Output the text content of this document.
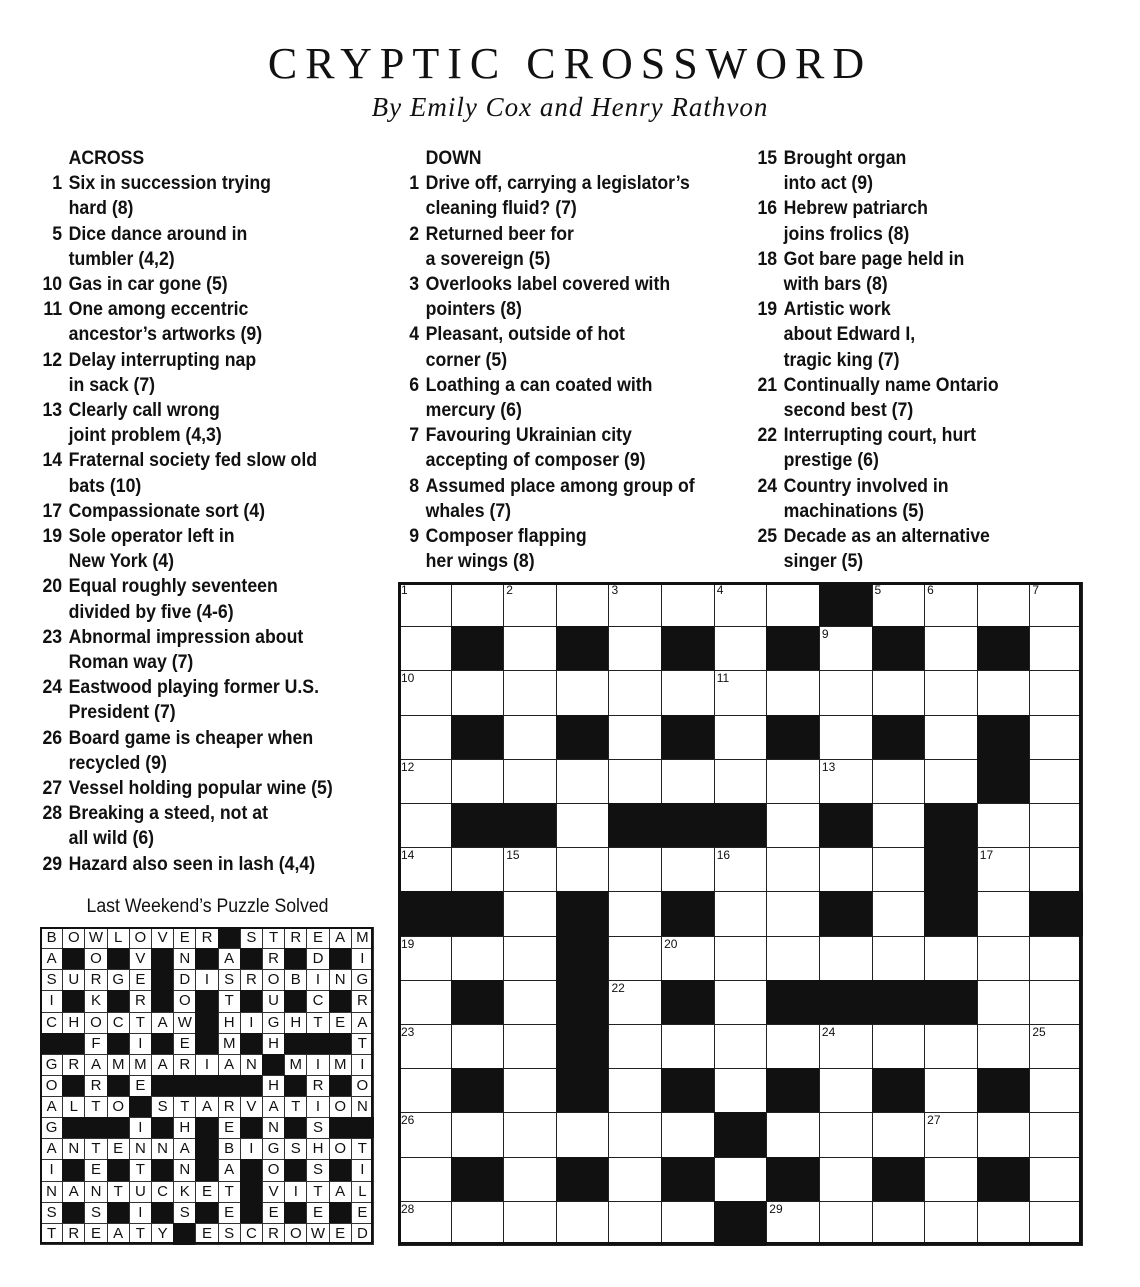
CRYPTIC CROSSWORD
By Emily Cox and Henry Rathvon
ACROSS
1 Six in succession trying
hard (8)
5 Dice dance around in
tumbler (4,2)
10 Gas in car gone (5)
11 One among eccentric
ancestor’s artworks (9)
12 Delay interrupting nap
in sack (7)
13 Clearly call wrong
joint problem (4,3)
14 Fraternal society fed slow old
bats (10)
17 Compassionate sort (4)
19 Sole operator left in
New York (4)
20 Equal roughly seventeen
divided by five (4-6)
23 Abnormal impression about
Roman way (7)
24 Eastwood playing former U.S.
President (7)
26 Board game is cheaper when
recycled (9)
27 Vessel holding popular wine (5)
28 Breaking a steed, not at
all wild (6)
29 Hazard also seen in lash (4,4)
DOWN
1 Drive off, carrying a legislator’s
cleaning fluid? (7)
2 Returned beer for
a sovereign (5)
3 Overlooks label covered with
pointers (8)
4 Pleasant, outside of hot
corner (5)
6 Loathing a can coated with
mercury (6)
7 Favouring Ukrainian city
accepting of composer (9)
8 Assumed place among group of
whales (7)
9 Composer flapping
her wings (8)
15 Brought organ
into act (9)
16 Hebrew patriarch
joins frolics (8)
18 Got bare page held in
with bars (8)
19 Artistic work
about Edward I,
tragic king (7)
21 Continually name Ontario
second best (7)
22 Interrupting court, hurt
prestige (6)
24 Country involved in
machinations (5)
25 Decade as an alternative
singer (5)
1	2	3	4	5	6	7
9
10	11
12	13
14	15	16	17
19	20
22
23	24	25
26	27
28	29
Last Weekend’s Puzzle Solved
B O W L O V E R	S T R E A M
A	O	V	N	A	R	D	I
S U R G E	D I	S R O B	I N G
I	K	R	O	T	U	C	R
C H O C T A W	H I G H T E A
F	I	E	M	H	T
G R A M M A R I	A N	M I M I
O	R	E	H	R	O
A L T O	S T A R V A T	I O N
G	I	H	E	N	S
A N T E N N A	B	I G S H O T
I	E	T	N	A	O	S	I
N A N T U C K E T	V	I	T A L
S	S	I	S	E	E	E	E
T R E A T Y	E S C R O W E D
